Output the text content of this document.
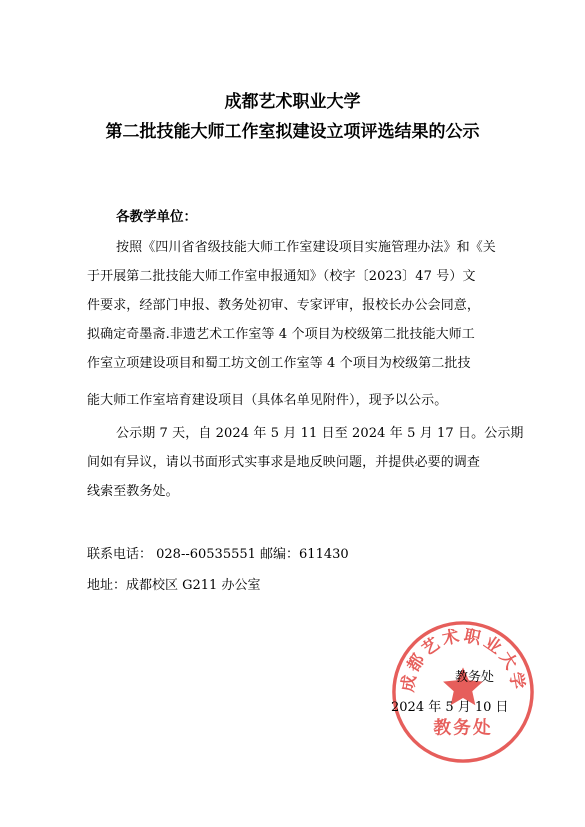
成都艺术职业大学
第二批技能大师工作室拟建设立项评选结果的公示
各教学单位：
按照《四川省省级技能大师工作室建设项目实施管理办法》和《关
于开展第二批技能大师工作室申报通知》（校字〔2023〕47 号）文
件要求，经部门申报、教务处初审、专家评审，报校长办公会同意，
拟确定奇墨斋.非遗艺术工作室等 4 个项目为校级第二批技能大师工
作室立项建设项目和蜀工坊文创工作室等 4 个项目为校级第二批技
能大师工作室培育建设项目（具体名单见附件），现予以公示。
公示期 7 天，自 2024 年 5 月 11 日至 2024 年 5 月 17 日。公示期
间如有异议，请以书面形式实事求是地反映问题，并提供必要的调查
线索至教务处。
联系电话： 028--60535551 邮编：611430
地址：成都校区 G211 办公室
成都艺术职业大学
教务处
教务处
2024 年 5 月 10 日
